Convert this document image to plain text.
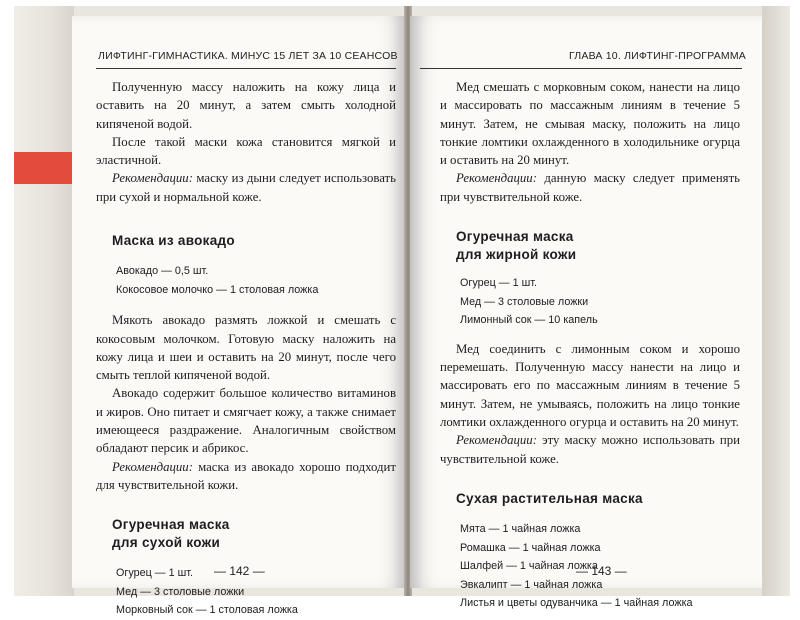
ЛИФТИНГ-ГИМНАСТИКА. МИНУС 15 ЛЕТ ЗА 10 СЕАНСОВ

Полученную массу наложить на кожу лица и оставить на 20 минут, а затем смыть холодной кипяченой водой.

После такой маски кожа становится мягкой и эластичной.

Рекомендации: маску из дыни следует использовать при сухой и нормальной коже.

Маска из авокадо

Авокадо — 0,5 шт.
Кокосовое молочко — 1 столовая ложка

Мякоть авокадо размять ложкой и смешать с кокосовым молочком. Готовую маску наложить на кожу лица и шеи и оставить на 20 минут, после чего смыть теплой кипяченой водой.

Авокадо содержит большое количество витаминов и жиров. Оно питает и смягчает кожу, а также снимает имеющееся раздражение. Аналогичным свойством обладают персик и абрикос.

Рекомендации: маска из авокадо хорошо подходит для чувствительной кожи.

Огуречная маска

для сухой кожи

Огурец — 1 шт.
Мед — 3 столовые ложки
Морковный сок — 1 столовая ложка
— 142 —
ГЛАВА 10. ЛИФТИНГ-ПРОГРАММА

Мед смешать с морковным соком, нанести на лицо и массировать по массажным линиям в течение 5 минут. Затем, не смывая маску, положить на лицо тонкие ломтики охлажденного в холодильнике огурца и оставить на 20 минут.

Рекомендации: данную маску следует применять при чувствительной коже.

Огуречная маска

для жирной кожи

Огурец — 1 шт.
Мед — 3 столовые ложки
Лимонный сок — 10 капель

Мед соединить с лимонным соком и хорошо перемешать. Полученную массу нанести на лицо и массировать его по массажным линиям в течение 5 минут. Затем, не умываясь, положить на лицо тонкие ломтики охлажденного огурца и оставить на 20 минут.

Рекомендации: эту маску можно использовать при чувствительной коже.

Сухая растительная маска

Мята — 1 чайная ложка
Ромашка — 1 чайная ложка
Шалфей — 1 чайная ложка
Эвкалипт — 1 чайная ложка
Листья и цветы одуванчика — 1 чайная ложка
— 143 —
